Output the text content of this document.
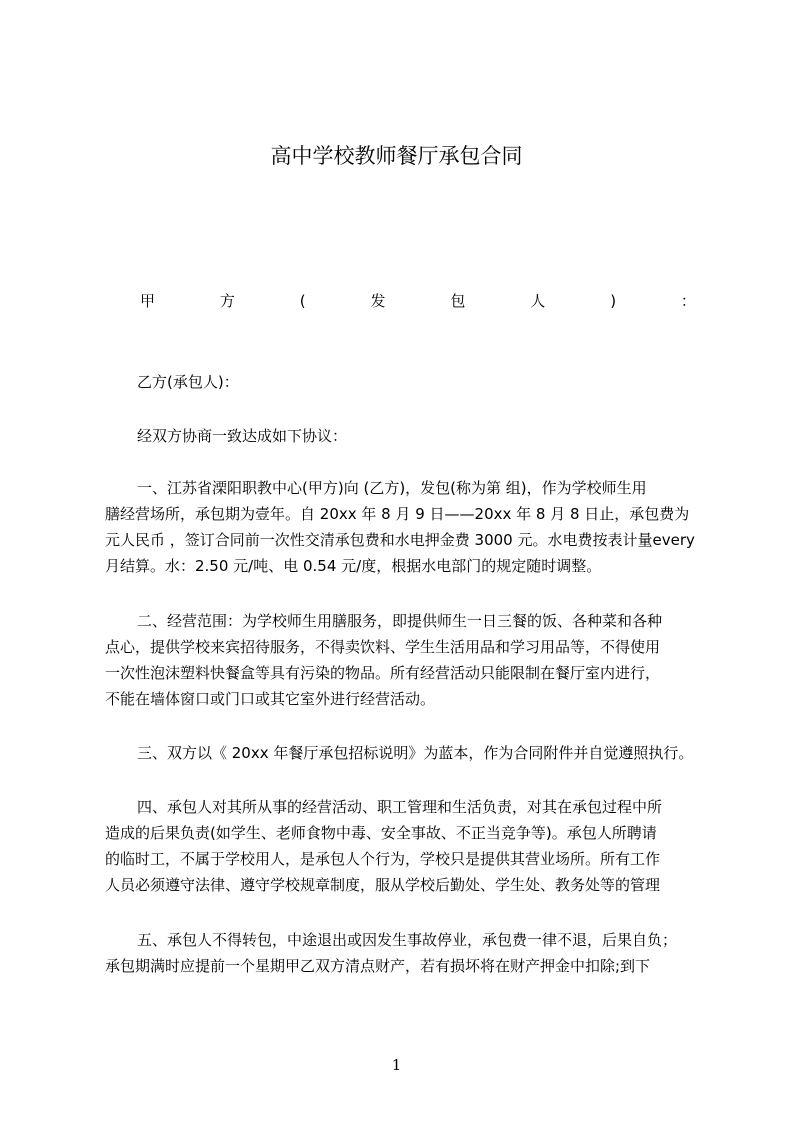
高中学校教师餐厅承包合同
甲	方	(	发	包	人	)	：

乙方(承包人)：

经双方协商一致达成如下协议：

一、江苏省溧阳职教中心(甲方)向 (乙方)，发包(称为第 组)，作为学校师生用

膳经营场所，承包期为壹年。自 20xx 年 8 月 9 日——20xx 年 8 月 8 日止，承包费为

元人民币 ，签订合同前一次性交清承包费和水电押金费 3000 元。水电费按表计量every

月结算。水：2.50 元/吨、电 0.54 元/度，根据水电部门的规定随时调整。

二、经营范围：为学校师生用膳服务，即提供师生一日三餐的饭、各种菜和各种

点心，提供学校来宾招待服务，不得卖饮料、学生生活用品和学习用品等，不得使用

一次性泡沫塑料快餐盒等具有污染的物品。所有经营活动只能限制在餐厅室内进行，

不能在墙体窗口或门口或其它室外进行经营活动。

三、双方以《 20xx 年餐厅承包招标说明》为蓝本，作为合同附件并自觉遵照执行。

四、承包人对其所从事的经营活动、职工管理和生活负责，对其在承包过程中所

造成的后果负责(如学生、老师食物中毒、安全事故、不正当竞争等)。承包人所聘请

的临时工，不属于学校用人，是承包人个行为，学校只是提供其营业场所。所有工作

人员必须遵守法律、遵守学校规章制度，服从学校后勤处、学生处、教务处等的管理

五、承包人不得转包，中途退出或因发生事故停业，承包费一律不退，后果自负；

承包期满时应提前一个星期甲乙双方清点财产，若有损坏将在财产押金中扣除;到下

1
